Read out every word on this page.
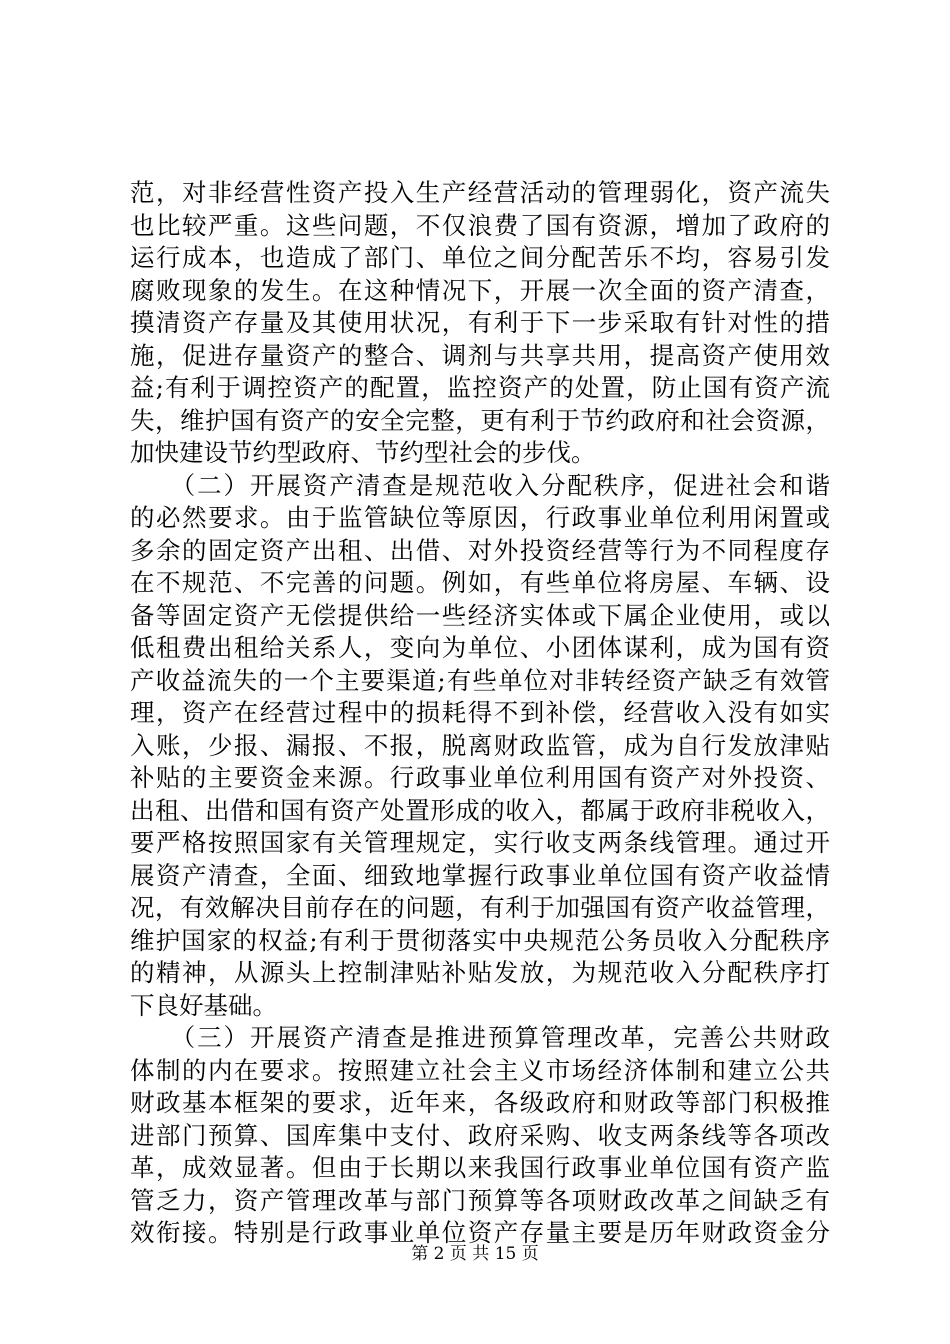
范，对非经营性资产投入生产经营活动的管理弱化，资产流失
也比较严重。这些问题，不仅浪费了国有资源，增加了政府的
运行成本，也造成了部门、单位之间分配苦乐不均，容易引发
腐败现象的发生。在这种情况下，开展一次全面的资产清查，
摸清资产存量及其使用状况，有利于下一步采取有针对性的措
施，促进存量资产的整合、调剂与共享共用，提高资产使用效
益;有利于调控资产的配置，监控资产的处置，防止国有资产流
失，维护国有资产的安全完整，更有利于节约政府和社会资源，
加快建设节约型政府、节约型社会的步伐。
　　（二）开展资产清查是规范收入分配秩序，促进社会和谐
的必然要求。由于监管缺位等原因，行政事业单位利用闲置或
多余的固定资产出租、出借、对外投资经营等行为不同程度存
在不规范、不完善的问题。例如，有些单位将房屋、车辆、设
备等固定资产无偿提供给一些经济实体或下属企业使用，或以
低租费出租给关系人，变向为单位、小团体谋利，成为国有资
产收益流失的一个主要渠道;有些单位对非转经资产缺乏有效管
理，资产在经营过程中的损耗得不到补偿，经营收入没有如实
入账，少报、漏报、不报，脱离财政监管，成为自行发放津贴
补贴的主要资金来源。行政事业单位利用国有资产对外投资、
出租、出借和国有资产处置形成的收入，都属于政府非税收入，
要严格按照国家有关管理规定，实行收支两条线管理。通过开
展资产清查，全面、细致地掌握行政事业单位国有资产收益情
况，有效解决目前存在的问题，有利于加强国有资产收益管理，
维护国家的权益;有利于贯彻落实中央规范公务员收入分配秩序
的精神，从源头上控制津贴补贴发放，为规范收入分配秩序打
下良好基础。
　　（三）开展资产清查是推进预算管理改革，完善公共财政
体制的内在要求。按照建立社会主义市场经济体制和建立公共
财政基本框架的要求，近年来，各级政府和财政等部门积极推
进部门预算、国库集中支付、政府采购、收支两条线等各项改
革，成效显著。但由于长期以来我国行政事业单位国有资产监
管乏力，资产管理改革与部门预算等各项财政改革之间缺乏有
效衔接。特别是行政事业单位资产存量主要是历年财政资金分
第 2 页 共 15 页
